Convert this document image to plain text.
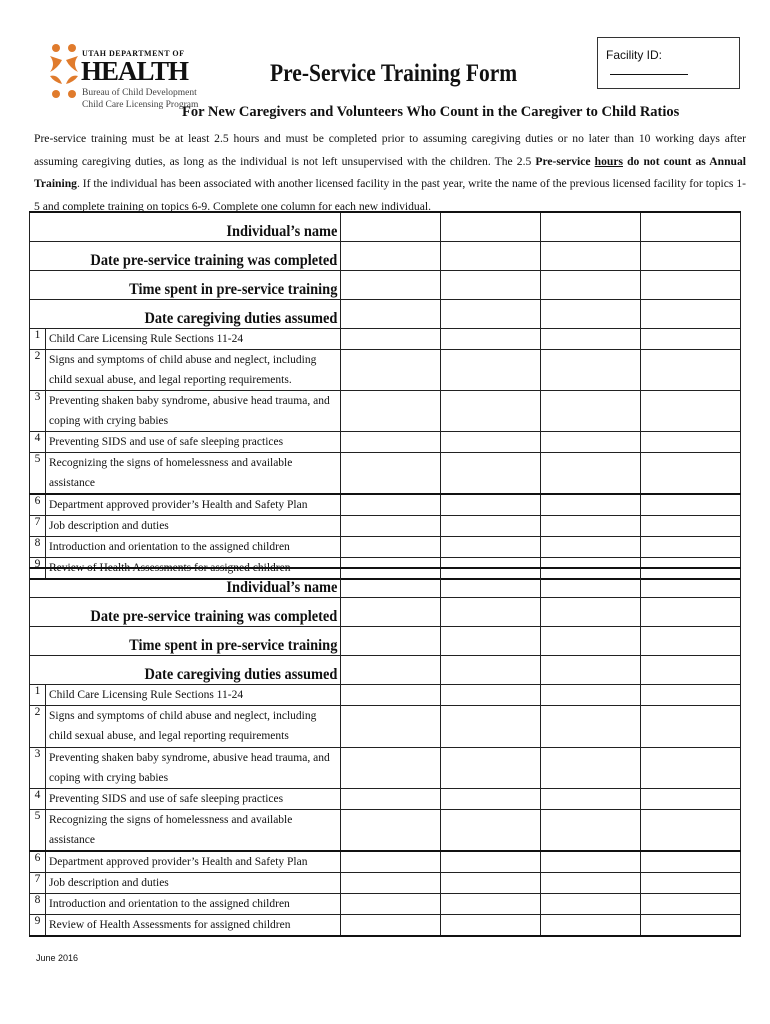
UTAH DEPARTMENT OF
HEALTH
Bureau of Child Development
Child Care Licensing Program
Facility ID:
Pre-Service Training Form
For New Caregivers and Volunteers Who Count in the Caregiver to Child Ratios
Pre-service training must be at least 2.5 hours and must be completed prior to assuming caregiving duties or no later than 10 working days after assuming caregiving duties, as long as the individual is not left unsupervised with the children. The 2.5 Pre-service hours do not count as Annual Training. If the individual has been associated with another licensed facility in the past year, write the name of the previous licensed facility for topics 1-5 and complete training on topics 6-9. Complete one column for each new individual.
Individual’s name					
Date pre-service training was completed					
Time spent in pre-service training					
Date caregiving duties assumed					
1	Child Care Licensing Rule Sections 11-24				
2	Signs and symptoms of child abuse and neglect, including child sexual abuse, and legal reporting requirements.				
3	Preventing shaken baby syndrome, abusive head trauma, and coping with crying babies				
4	Preventing SIDS and use of safe sleeping practices				
5	Recognizing the signs of homelessness and available assistance				
6	Department approved provider’s Health and Safety Plan				
7	Job description and duties				
8	Introduction and orientation to the assigned children				
9	Review of Health Assessments for assigned children				
Individual’s name					
Date pre-service training was completed					
Time spent in pre-service training					
Date caregiving duties assumed					
1	Child Care Licensing Rule Sections 11-24				
2	Signs and symptoms of child abuse and neglect, including child sexual abuse, and legal reporting requirements				
3	Preventing shaken baby syndrome, abusive head trauma, and coping with crying babies				
4	Preventing SIDS and use of safe sleeping practices				
5	Recognizing the signs of homelessness and available assistance				
6	Department approved provider’s Health and Safety Plan				
7	Job description and duties				
8	Introduction and orientation to the assigned children				
9	Review of Health Assessments for assigned children				
June 2016
